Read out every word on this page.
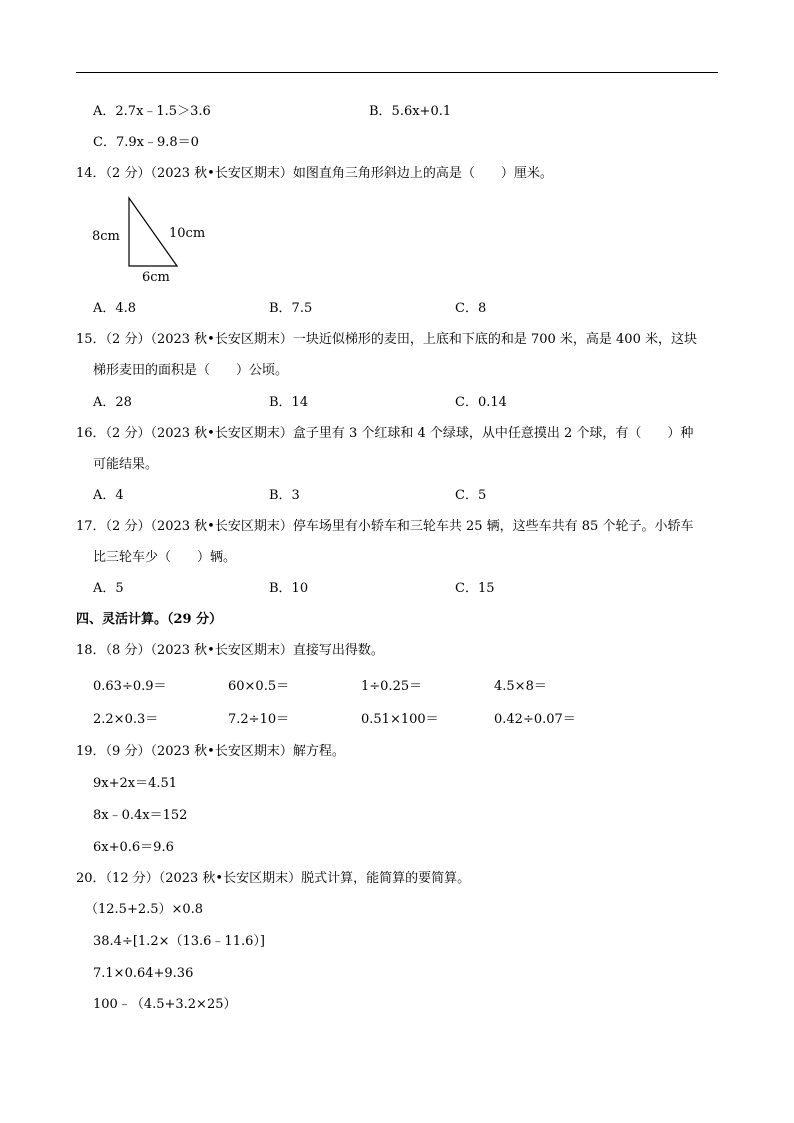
A．2.7x﹣1.5＞3.6	B．5.6x+0.1
C．7.9x﹣9.8＝0
14．（2 分）（2023 秋•长安区期末）如图直角三角形斜边上的高是（　　）厘米。
8cm	10cm
6cm
A．4.8	B．7.5	C．8
15．（2 分）（2023 秋•长安区期末）一块近似梯形的麦田，上底和下底的和是 700 米，高是 400 米，这块
梯形麦田的面积是（　　）公顷。
A．28	B．14	C．0.14
16．（2 分）（2023 秋•长安区期末）盒子里有 3 个红球和 4 个绿球，从中任意摸出 2 个球，有（　　）种
可能结果。
A．4	B．3	C．5
17．（2 分）（2023 秋•长安区期末）停车场里有小轿车和三轮车共 25 辆，这些车共有 85 个轮子。小轿车
比三轮车少（　　）辆。
A．5	B．10	C．15
四、灵活计算。（29 分）
18．（8 分）（2023 秋•长安区期末）直接写出得数。
0.63÷0.9＝	60×0.5＝	1÷0.25＝	4.5×8＝
2.2×0.3＝	7.2÷10＝	0.51×100＝	0.42÷0.07＝
19．（9 分）（2023 秋•长安区期末）解方程。
9x+2x＝4.51
8x﹣0.4x＝152
6x+0.6＝9.6
20．（12 分）（2023 秋•长安区期末）脱式计算，能简算的要简算。
（12.5+2.5）×0.8
38.4÷[1.2×（13.6﹣11.6）]
7.1×0.64+9.36
100﹣（4.5+3.2×25）
